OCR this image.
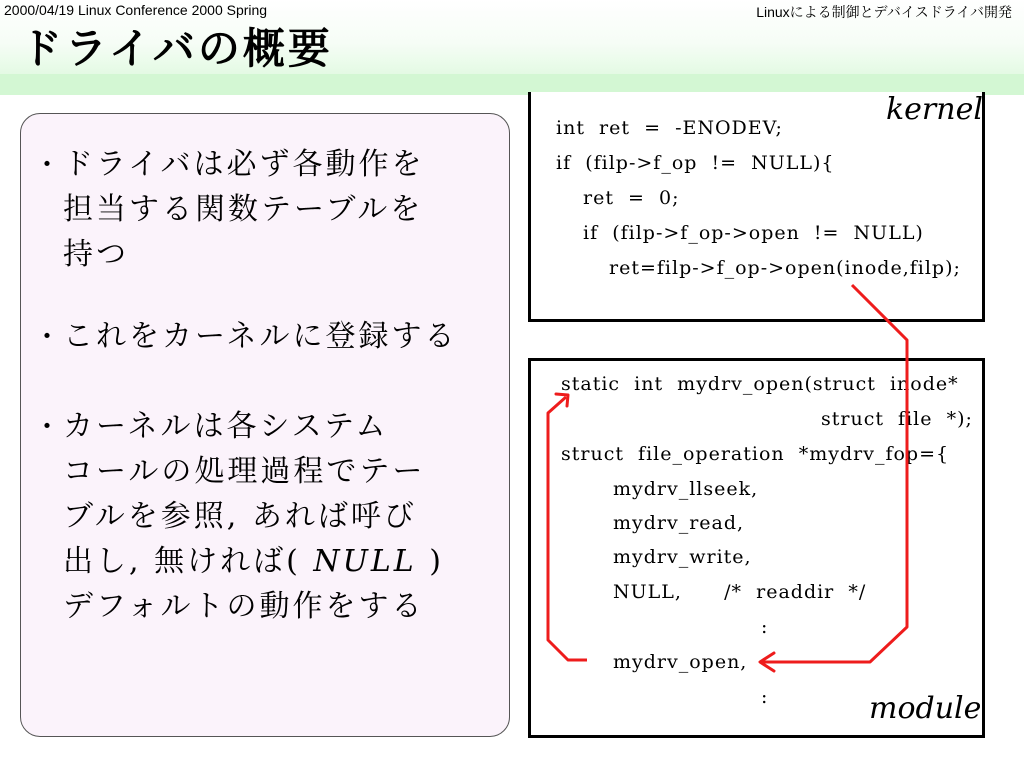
2000/04/19 Linux Conference 2000 Spring	Linuxによる制御とデバイスドライバ開発
ドライバの概要
・
ドライバは必ず各動作を
担当する関数テーブルを
持つ
・
これをカーネルに登録する
・
カーネルは各システム
コールの処理過程でテー
ブルを参照, あれば呼び
出し, 無ければ( NULL )
デフォルトの動作をする
kernel
int  ret  =  -ENODEV;
if  (filp->f_op  !=  NULL){
ret  =  0;
if  (filp->f_op->open  !=  NULL)
ret=filp->f_op->open(inode,filp);
static  int  mydrv_open(struct  inode*
struct  file  *);
struct  file_operation  *mydrv_fop={
mydrv_llseek,
mydrv_read,
mydrv_write,
NULL,      /*  readdir  */
:
mydrv_open,
:	module
